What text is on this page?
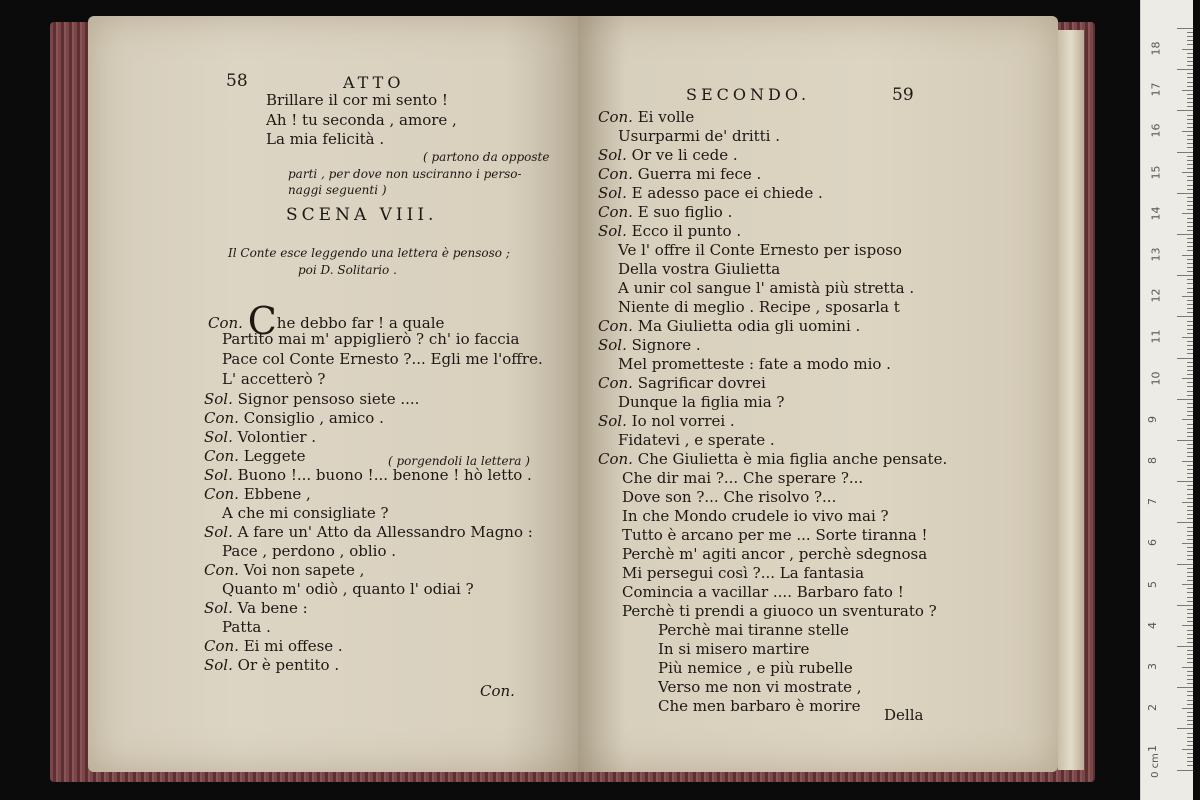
58	ATTO
Brillare il cor mi sento !
Ah ! tu seconda , amore ,
La mia felicità .
( partono da opposte
parti , per dove non usciranno i perso-
naggi seguenti )
SCENA VIII.
Il Conte esce leggendo una lettera è pensoso ;
poi D. Solitario .
Con. Che debbo far ! a quale
Partito mai m' appiglierò ? ch' io faccia
Pace col Conte Ernesto ?... Egli me l'offre.
L' accetterò ?
Sol. Signor pensoso siete ....
Con. Consiglio , amico .
Sol. Volontier .
Con. Leggete	( porgendoli la lettera )
Sol. Buono !... buono !... benone ! hò letto .
Con. Ebbene ,
A che mi consigliate ?
Sol. A fare un' Atto da Allessandro Magno :
Pace , perdono , oblio .
Con. Voi non sapete ,
Quanto m' odiò , quanto l' odiai ?
Sol. Va bene :
Patta .
Con. Ei mi offese .
Sol. Or è pentito .
Con.
SECONDO.	59
Con. Ei volle
Usurparmi de' dritti .
Sol. Or ve li cede .
Con. Guerra mi fece .
Sol. E adesso pace ei chiede .
Con. E suo figlio .
Sol. Ecco il punto .
Ve l' offre il Conte Ernesto per isposo
Della vostra Giulietta
A unir col sangue l' amistà più stretta .
Niente di meglio . Recipe , sposarla t
Con. Ma Giulietta odia gli uomini .
Sol. Signore .
Mel prometteste : fate a modo mio .
Con. Sagrificar dovrei
Dunque la figlia mia ?
Sol. Io nol vorrei .
Fidatevi , e sperate .
Con. Che Giulietta è mia figlia anche pensate.
Che dir mai ?... Che sperare ?...
Dove son ?... Che risolvo ?...
In che Mondo crudele io vivo mai ?
Tutto è arcano per me ... Sorte tiranna !
Perchè m' agiti ancor , perchè sdegnosa
Mi persegui così ?... La fantasia
Comincia a vacillar .... Barbaro fato !
Perchè ti prendi a giuoco un sventurato ?
Perchè mai tiranne stelle
In si misero martire
Più nemice , e più rubelle
Verso me non vi mostrate ,
Che men barbaro è morire Della
0 cm
18
17
16
15
14
13
12
11
10
9
8
7
6
5
4
3
2
1
